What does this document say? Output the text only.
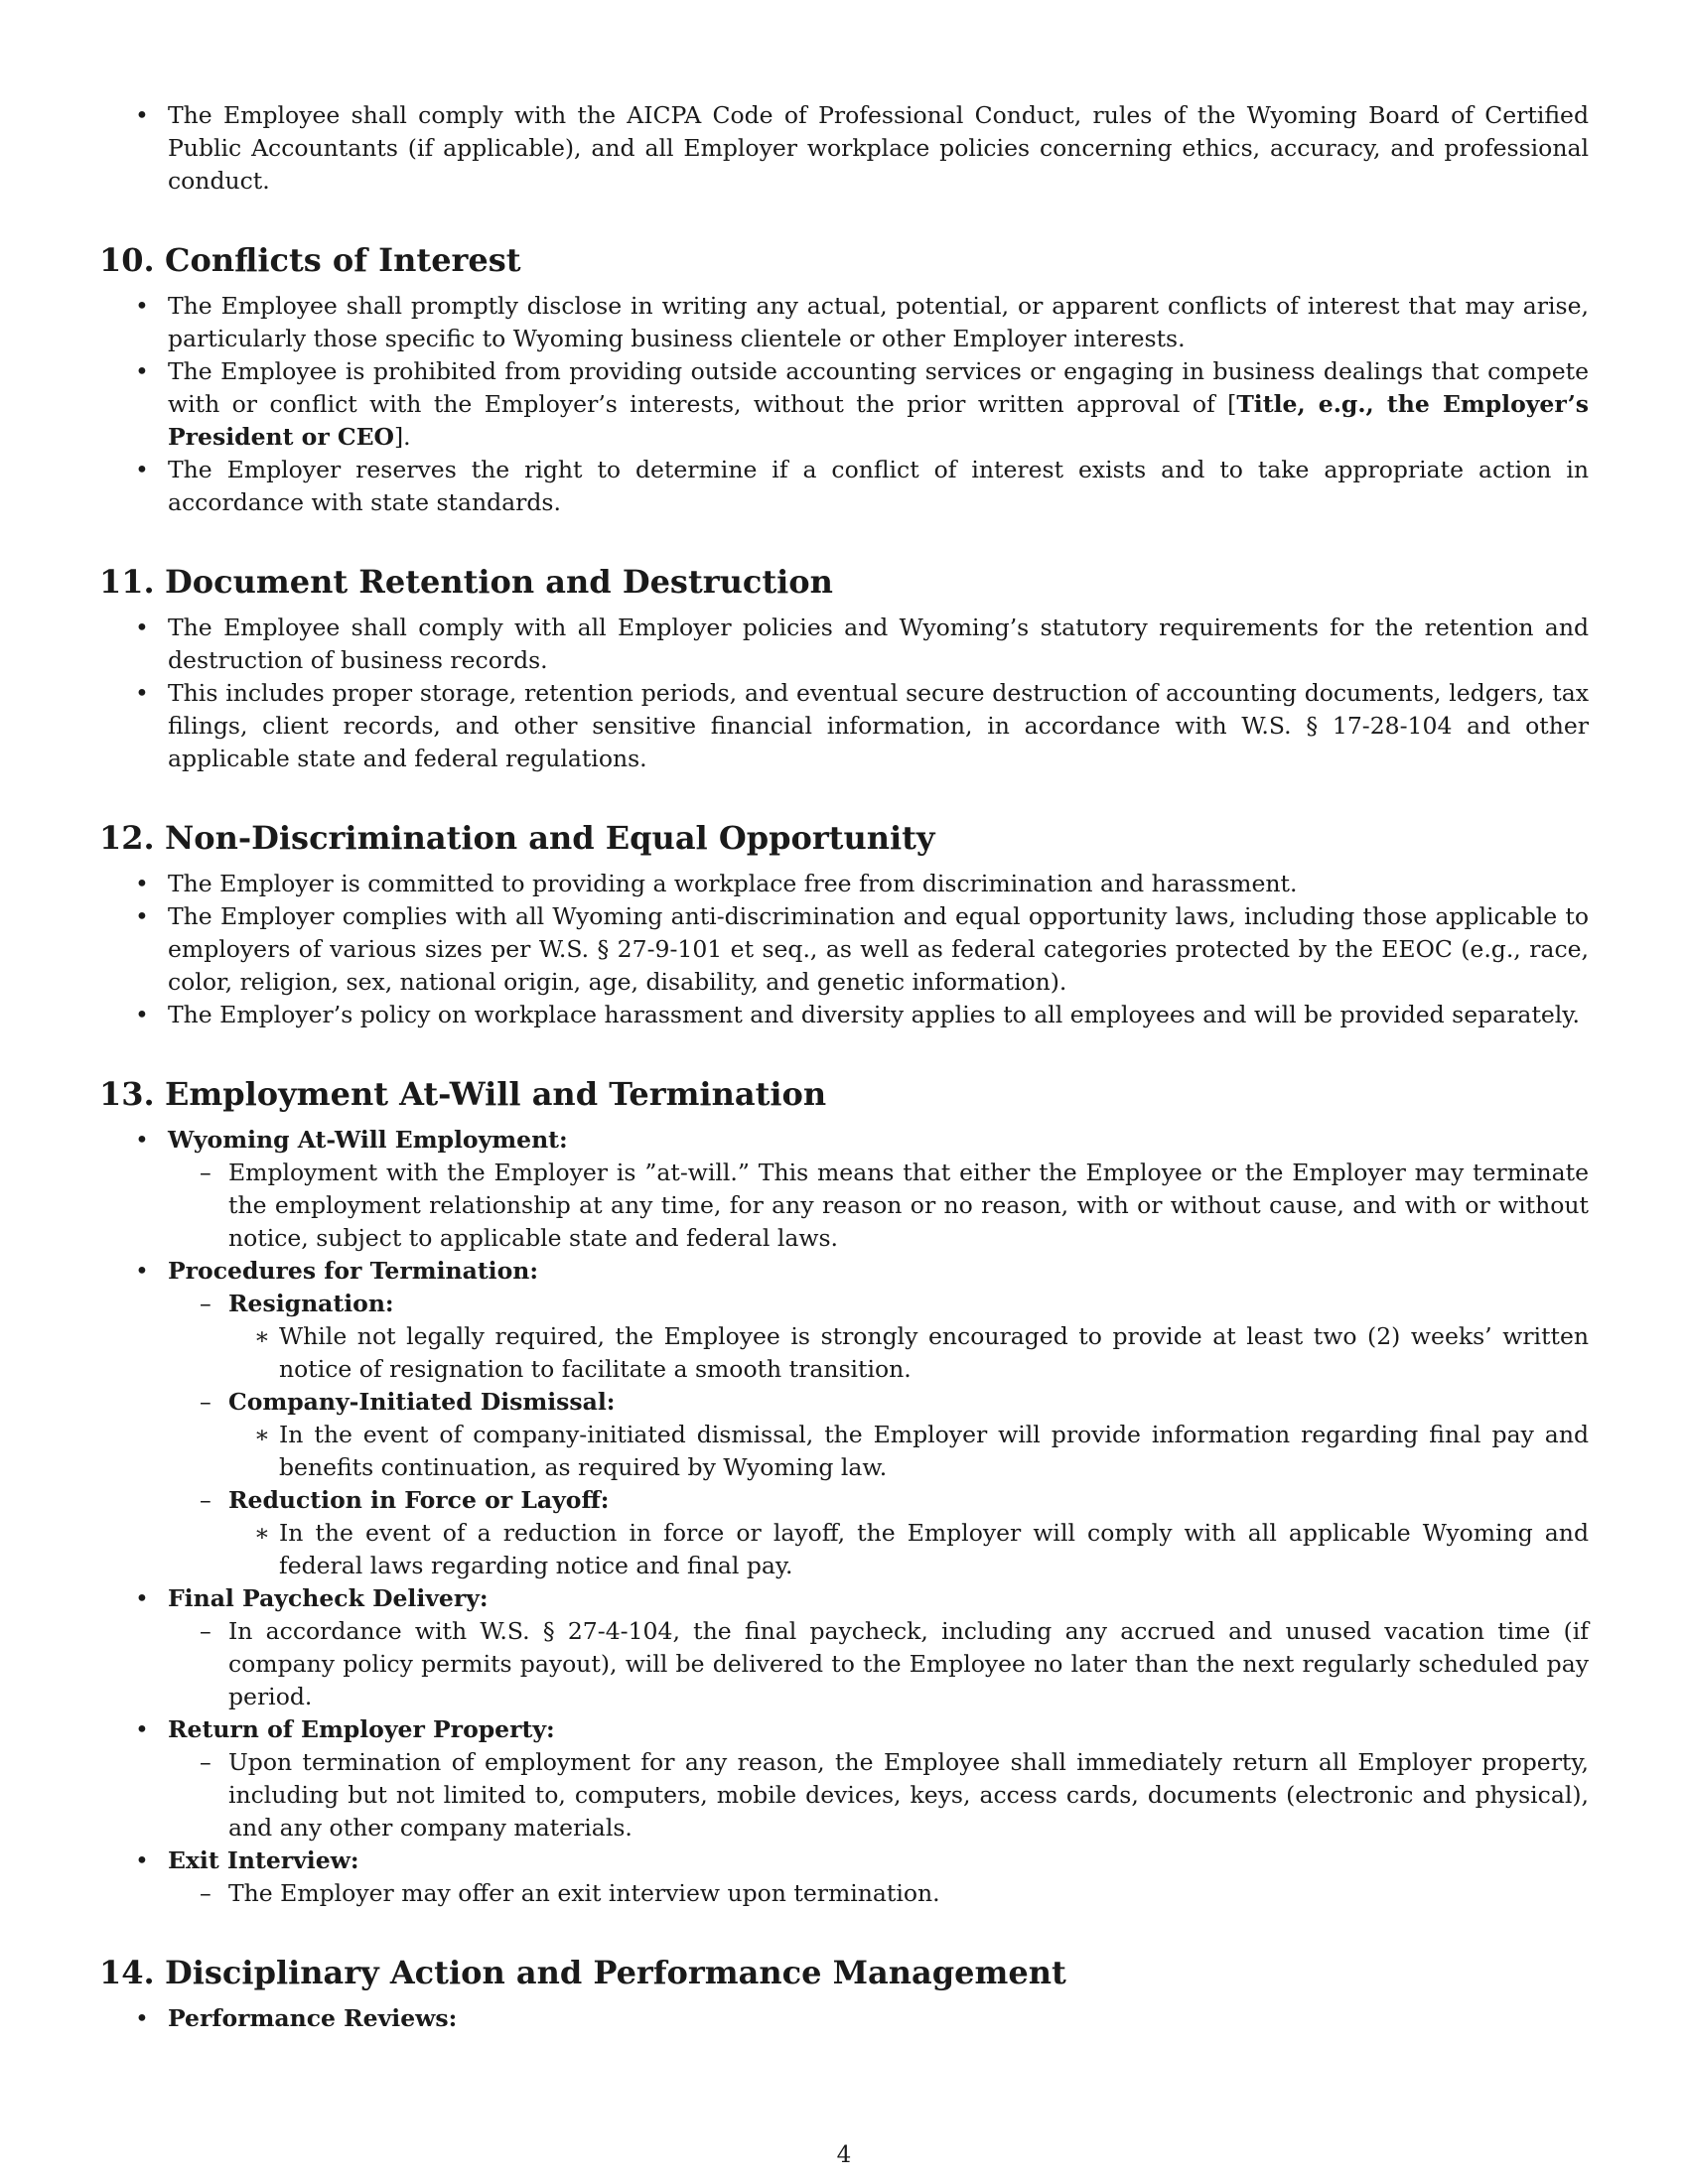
• The Employee shall comply with the AICPA Code of Professional Conduct, rules of the Wyoming Board of Certified Public Accountants (if applicable), and all Employer workplace policies concerning ethics, accuracy, and professional conduct.
10. Conflicts of Interest
• The Employee shall promptly disclose in writing any actual, potential, or apparent conflicts of interest that may arise, particularly those specific to Wyoming business clientele or other Employer interests.
• The Employee is prohibited from providing outside accounting services or engaging in business dealings that compete with or conflict with the Employer’s interests, without the prior written approval of [Title, e.g., the Employer’s President or CEO].
• The Employer reserves the right to determine if a conflict of interest exists and to take appropriate action in accordance with state standards.
11. Document Retention and Destruction
• The Employee shall comply with all Employer policies and Wyoming’s statutory requirements for the retention and destruction of business records.
• This includes proper storage, retention periods, and eventual secure destruction of accounting documents, ledgers, tax filings, client records, and other sensitive financial information, in accordance with W.S. § 17-28-104 and other applicable state and federal regulations.
12. Non-Discrimination and Equal Opportunity
• The Employer is committed to providing a workplace free from discrimination and harassment.
• The Employer complies with all Wyoming anti-discrimination and equal opportunity laws, including those applicable to employers of various sizes per W.S. § 27-9-101 et seq., as well as federal categories protected by the EEOC (e.g., race, color, religion, sex, national origin, age, disability, and genetic information).
• The Employer’s policy on workplace harassment and diversity applies to all employees and will be provided separately.
13. Employment At-Will and Termination
• Wyoming At-Will Employment:
– Employment with the Employer is ”at-will.” This means that either the Employee or the Employer may terminate the employment relationship at any time, for any reason or no reason, with or without cause, and with or without notice, subject to applicable state and federal laws.
• Procedures for Termination:
– Resignation:
∗ While not legally required, the Employee is strongly encouraged to provide at least two (2) weeks’ written notice of resignation to facilitate a smooth transition.
– Company-Initiated Dismissal:
∗ In the event of company-initiated dismissal, the Employer will provide information regarding final pay and benefits continuation, as required by Wyoming law.
– Reduction in Force or Layoff:
∗ In the event of a reduction in force or layoff, the Employer will comply with all applicable Wyoming and federal laws regarding notice and final pay.
• Final Paycheck Delivery:
– In accordance with W.S. § 27-4-104, the final paycheck, including any accrued and unused vacation time (if company policy permits payout), will be delivered to the Employee no later than the next regularly scheduled pay period.
• Return of Employer Property:
– Upon termination of employment for any reason, the Employee shall immediately return all Employer property, including but not limited to, computers, mobile devices, keys, access cards, documents (electronic and physical), and any other company materials.
• Exit Interview:
– The Employer may offer an exit interview upon termination.
14. Disciplinary Action and Performance Management
• Performance Reviews:
4
